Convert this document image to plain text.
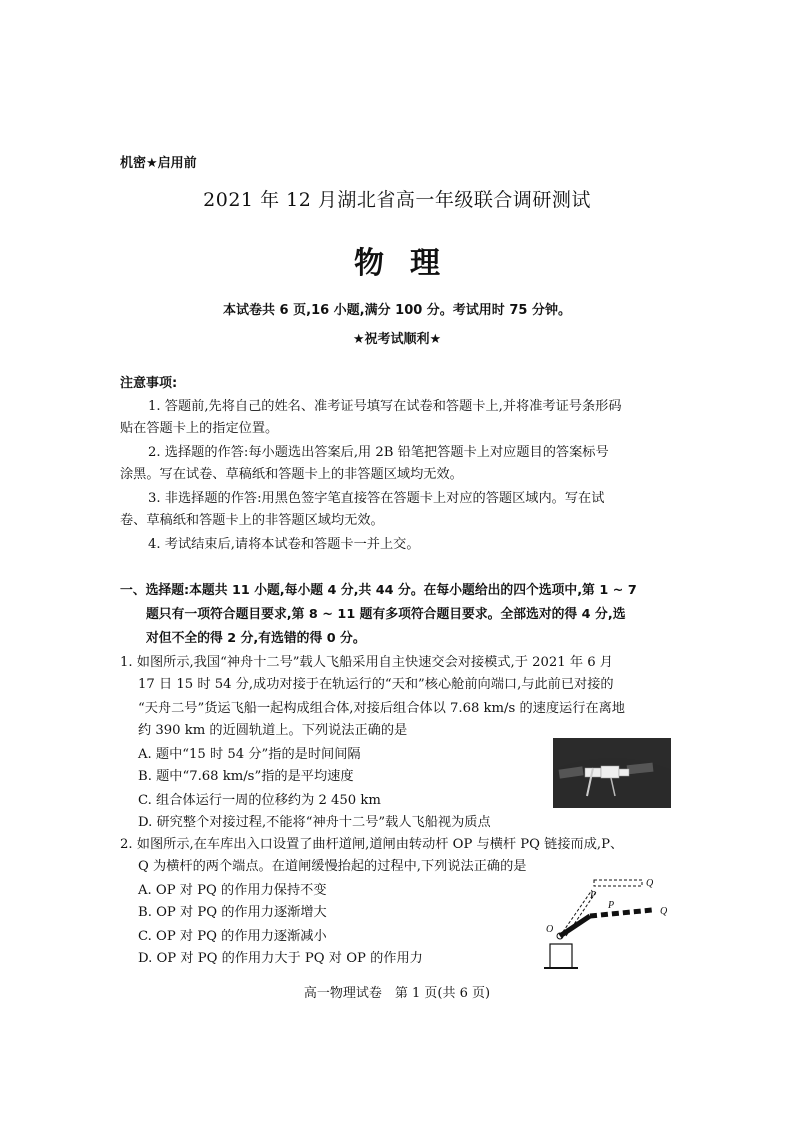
机密★启用前
2021 年 12 月湖北省高一年级联合调研测试
物理
本试卷共 6 页,16 小题,满分 100 分。考试用时 75 分钟。
★祝考试顺利★
注意事项:
1. 答题前,先将自己的姓名、准考证号填写在试卷和答题卡上,并将准考证号条形码
贴在答题卡上的指定位置。
2. 选择题的作答:每小题选出答案后,用 2B 铅笔把答题卡上对应题目的答案标号
涂黑。写在试卷、草稿纸和答题卡上的非答题区域均无效。
3. 非选择题的作答:用黑色签字笔直接答在答题卡上对应的答题区域内。写在试
卷、草稿纸和答题卡上的非答题区域均无效。
4. 考试结束后,请将本试卷和答题卡一并上交。
一、选择题:本题共 11 小题,每小题 4 分,共 44 分。在每小题给出的四个选项中,第 1 ~ 7
题只有一项符合题目要求,第 8 ~ 11 题有多项符合题目要求。全部选对的得 4 分,选
对但不全的得 2 分,有选错的得 0 分。
1. 如图所示,我国“神舟十二号”载人飞船采用自主快速交会对接模式,于 2021 年 6 月
17 日 15 时 54 分,成功对接于在轨运行的“天和”核心舱前向端口,与此前已对接的
“天舟二号”货运飞船一起构成组合体,对接后组合体以 7.68 km/s 的速度运行在离地
约 390 km 的近圆轨道上。下列说法正确的是
A. 题中“15 时 54 分”指的是时间间隔
B. 题中“7.68 km/s”指的是平均速度
C. 组合体运行一周的位移约为 2 450 km
D. 研究整个对接过程,不能将“神舟十二号”载人飞船视为质点
2. 如图所示,在车库出入口设置了曲杆道闸,道闸由转动杆 OP 与横杆 PQ 链接而成,P、
Q 为横杆的两个端点。在道闸缓慢抬起的过程中,下列说法正确的是
A. OP 对 PQ 的作用力保持不变
B. OP 对 PQ 的作用力逐渐增大
C. OP 对 PQ 的作用力逐渐减小
D. OP 对 PQ 的作用力大于 PQ 对 OP 的作用力
O
P
Q
P
Q
高一物理试卷　第 1 页(共 6 页)
